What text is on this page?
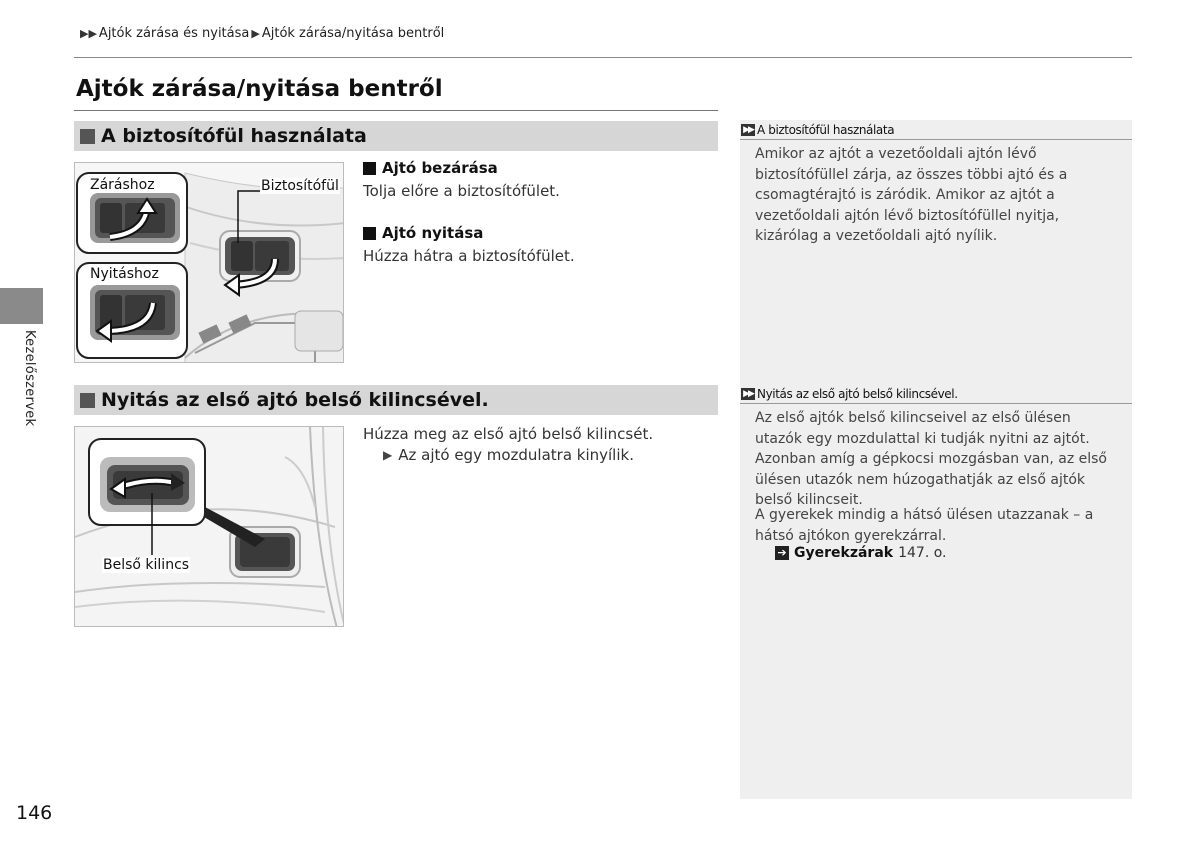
▶▶ Ajtók zárása és nyitása ▶ Ajtók zárása/nyitása bentről
Ajtók zárása/nyitása bentről
Kezelőszervek
A biztosítófül használata
Záráshoz
Nyitáshoz
Biztosítófül
Ajtó bezárása
Tolja előre a biztosítófület.
Ajtó nyitása
Húzza hátra a biztosítófület.
Nyitás az első ajtó belső kilincsével.
Belső kilincs
Húzza meg az első ajtó belső kilincsét.
▶ Az ajtó egy mozdulatra kinyílik.
▶▶ A biztosítófül használata
Amikor az ajtót a vezetőoldali ajtón lévő biztosítófüllel zárja, az összes többi ajtó és a csomagtérajtó is záródik. Amikor az ajtót a vezetőoldali ajtón lévő biztosítófüllel nyitja, kizárólag a vezetőoldali ajtó nyílik.
▶▶ Nyitás az első ajtó belső kilincsével.
Az első ajtók belső kilincseivel az első ülésen utazók egy mozdulattal ki tudják nyitni az ajtót. Azonban amíg a gépkocsi mozgásban van, az első ülésen utazók nem húzogathatják az első ajtók belső kilincseit.
A gyerekek mindig a hátsó ülésen utazzanak – a hátsó ajtókon gyerekzárral.
➔ Gyerekzárak 147. o.
146
